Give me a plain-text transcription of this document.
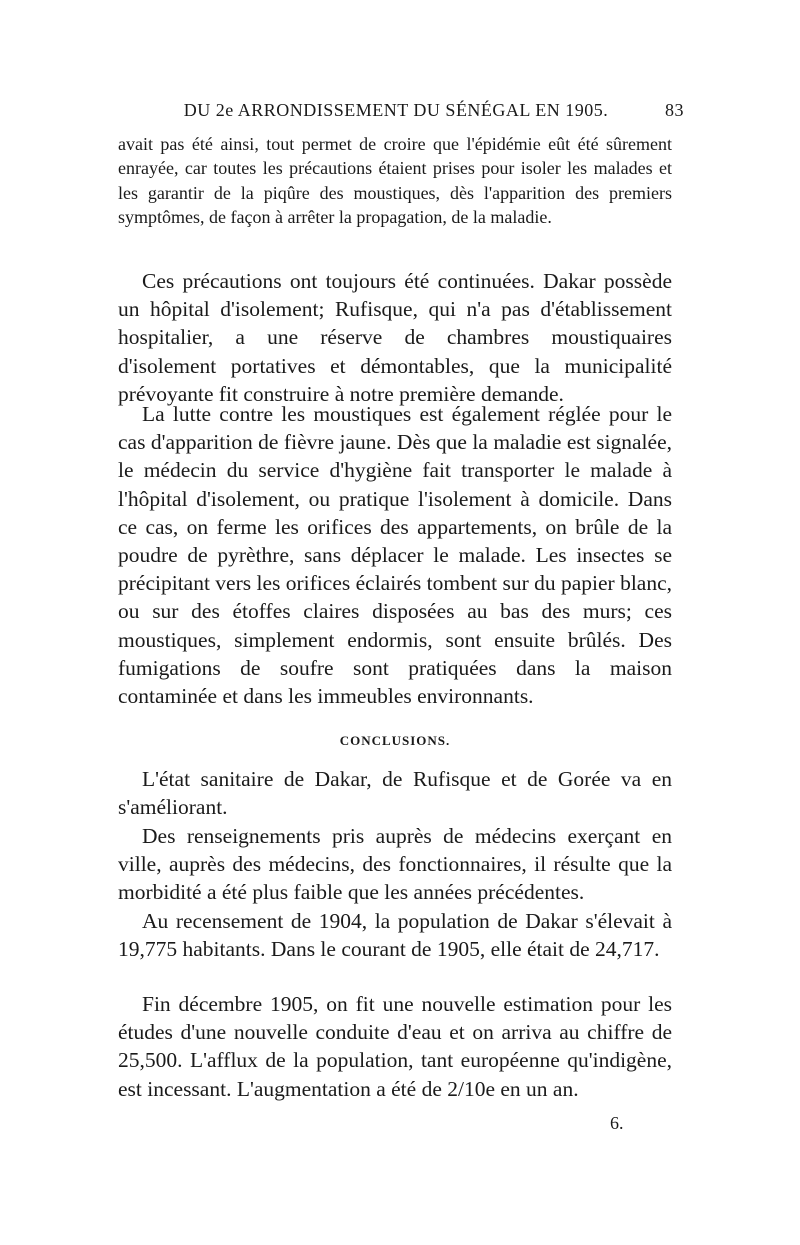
DU 2e ARRONDISSEMENT DU SÉNÉGAL EN 1905.	83

avait pas été ainsi, tout permet de croire que l'épidémie eût été sûrement enrayée, car toutes les précautions étaient prises pour isoler les malades et les garantir de la piqûre des moustiques, dès l'apparition des premiers symptômes, de façon à arrêter la propagation, de la maladie.

Ces précautions ont toujours été continuées. Dakar possède un hôpital d'isolement; Rufisque, qui n'a pas d'établissement hospitalier, a une réserve de chambres moustiquaires d'isolement portatives et démontables, que la municipalité prévoyante fit construire à notre première demande.

La lutte contre les moustiques est également réglée pour le cas d'apparition de fièvre jaune. Dès que la maladie est signalée, le médecin du service d'hygiène fait transporter le malade à l'hôpital d'isolement, ou pratique l'isolement à domicile. Dans ce cas, on ferme les orifices des appartements, on brûle de la poudre de pyrèthre, sans déplacer le malade. Les insectes se précipitant vers les orifices éclairés tombent sur du papier blanc, ou sur des étoffes claires disposées au bas des murs; ces moustiques, simplement endormis, sont ensuite brûlés. Des fumigations de soufre sont pratiquées dans la maison contaminée et dans les immeubles environnants.

CONCLUSIONS.

L'état sanitaire de Dakar, de Rufisque et de Gorée va en s'améliorant.

Des renseignements pris auprès de médecins exerçant en ville, auprès des médecins, des fonctionnaires, il résulte que la morbidité a été plus faible que les années précédentes.

Au recensement de 1904, la population de Dakar s'élevait à 19,775 habitants. Dans le courant de 1905, elle était de 24,717.

Fin décembre 1905, on fit une nouvelle estimation pour les études d'une nouvelle conduite d'eau et on arriva au chiffre de 25,500. L'afflux de la population, tant européenne qu'indigène, est incessant. L'augmentation a été de 2/10e en un an.

6.
